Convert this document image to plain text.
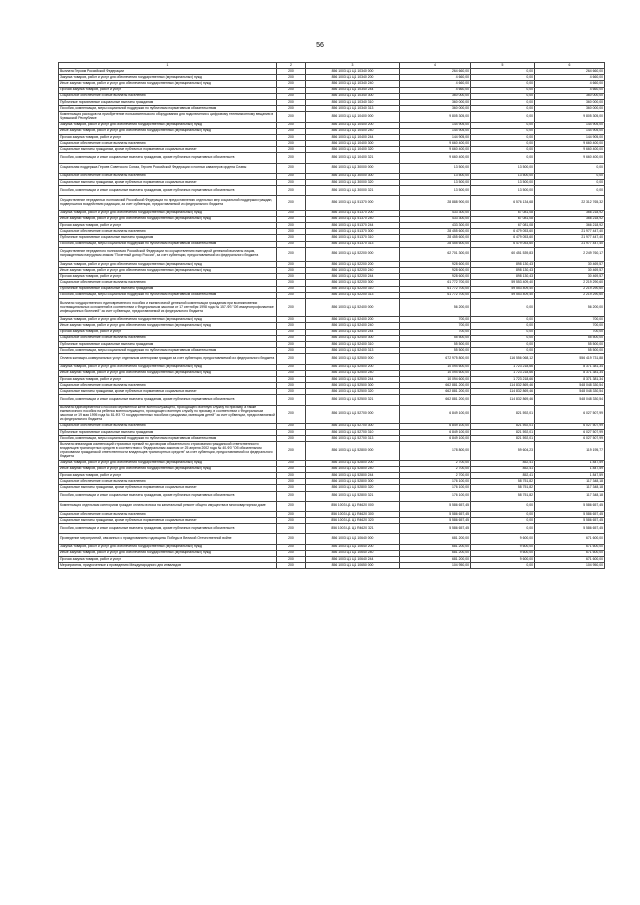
56
1	2	3	4	5	6
Выплата Героям Российской Федерации	200	856 1003 Ц1 Ц1 10340 000	264 660,00	0,00	264 660,00
Закупка товаров, работ и услуг для обеспечения государственных (муниципальных) нужд	200	856 1003 Ц1 Ц1 10340 200	4 660,00	0,00	4 660,00
Иные закупки товаров, работ и услуг для обеспечения государственных (муниципальных) нужд	200	856 1003 Ц1 Ц1 10340 240	4 660,00	0,00	4 660,00
Прочая закупка товаров, работ и услуг	200	856 1003 Ц1 Ц1 10340 244	4 660,00	0,00	4 660,00
Социальное обеспечение и иные выплаты населению	200	856 1003 Ц1 Ц1 10340 300	360 000,00	0,00	360 000,00
Публичные нормативные социальные выплаты гражданам	200	856 1003 Ц1 Ц1 10340 310	360 000,00	0,00	360 000,00
Пособия, компенсации, меры социальной поддержки по публичным нормативным обязательствам	200	856 1003 Ц1 Ц1 10340 313	360 000,00	0,00	360 000,00
Компенсация расходов на приобретение пользовательского оборудования для подключения к цифровому телевизионному вещанию в Чувашской Республике	200	856 1003 Ц1 Ц1 10400 000	9 805 305,00	0,00	9 805 305,00
Закупка товаров, работ и услуг для обеспечения государственных (муниципальных) нужд	200	856 1003 Ц1 Ц1 10400 200	144 905,00	0,00	144 905,00
Иные закупки товаров, работ и услуг для обеспечения государственных (муниципальных) нужд	200	856 1003 Ц1 Ц1 10400 240	144 905,00	0,00	144 905,00
Прочая закупка товаров, работ и услуг	200	856 1003 Ц1 Ц1 10400 244	144 905,00	0,00	144 905,00
Социальное обеспечение и иные выплаты населению	200	856 1003 Ц1 Ц1 10400 300	9 660 400,00	0,00	9 660 400,00
Социальные выплаты гражданам, кроме публичных нормативных социальных выплат	200	856 1003 Ц1 Ц1 10400 320	9 660 400,00	0,00	9 660 400,00
Пособия, компенсации и иные социальные выплаты гражданам, кроме публичных нормативных обязательств	200	856 1003 Ц1 Ц1 10400 321	9 660 400,00	0,00	9 660 400,00
Социальная поддержка Героев Советского Союза, Героев Российской Федерации и полных кавалеров ордена Славы	200	856 1003 Ц1 Ц1 30000 000	13 500,00	13 500,00	0,00
Социальное обеспечение и иные выплаты населению	200	856 1003 Ц1 Ц1 30000 300	13 500,00	13 500,00	0,00
Социальные выплаты гражданам, кроме публичных нормативных социальных выплат	200	856 1003 Ц1 Ц1 30000 320	13 500,00	13 500,00	0,00
Пособия, компенсации и иные социальные выплаты гражданам, кроме публичных нормативных обязательств	200	856 1003 Ц1 Ц1 30000 321	13 500,00	13 500,00	0,00
Осуществление переданных полномочий Российской Федерации по предоставлению отдельных мер социальной поддержки граждан, подвергшихся воздействию радиации, за счет субвенции, предоставляемой из федерального бюджета	200	856 1003 Ц1 Ц1 51370 000	28 888 900,00	6 576 134,68	22 312 765,32
Закупка товаров, работ и услуг для обеспечения государственных (муниципальных) нужд	200	856 1003 Ц1 Ц1 51370 200	433 300,00	67 081,08	366 218,92
Иные закупки товаров, работ и услуг для обеспечения государственных (муниципальных) нужд	200	856 1003 Ц1 Ц1 51370 240	433 300,00	67 081,08	366 218,92
Прочая закупка товаров, работ и услуг	200	856 1003 Ц1 Ц1 51370 244	433 300,00	67 081,08	366 218,92
Социальное обеспечение и иные выплаты населению	200	856 1003 Ц1 Ц1 51370 300	28 455 600,00	6 479 053,60	21 977 447,40
Публичные нормативные социальные выплаты гражданам	200	856 1003 Ц1 Ц1 51370 310	28 455 600,00	6 479 053,60	21 977 447,40
Пособия, компенсации, меры социальной поддержки по публичным нормативным обязательствам	200	856 1003 Ц1 Ц1 51370 313	28 455 600,00	6 479 053,60	21 977 447,40
Осуществление переданного полномочия Российской Федерации по осуществлению ежегодной денежной выплаты лицам, награжденным нагрудным знаком "Почетный донор России", за счет субвенции, предоставляемой из федерального бюджета	200	856 1003 Ц1 Ц1 52200 000	62 701 300,00	60 451 539,83	2 249 760,17
Закупка товаров, работ и услуг для обеспечения государственных (муниципальных) нужд	200	856 1003 Ц1 Ц1 52200 200	928 600,00	898 130,43	30 469,57
Иные закупки товаров, работ и услуг для обеспечения государственных (муниципальных) нужд	200	856 1003 Ц1 Ц1 52200 240	928 600,00	898 130,43	30 469,57
Прочая закупка товаров, работ и услуг	200	856 1003 Ц1 Ц1 52200 244	928 600,00	898 130,43	30 469,57
Социальное обеспечение и иные выплаты населению	200	856 1003 Ц1 Ц1 52200 300	61 772 700,00	59 553 409,40	2 219 290,60
Публичные нормативные социальные выплаты гражданам	200	856 1003 Ц1 Ц1 52200 310	61 772 700,00	59 553 409,40	2 219 290,60
Пособия, компенсации, меры социальной поддержки по публичным нормативным обязательствам	200	856 1003 Ц1 Ц1 52200 313	61 772 700,00	59 553 409,40	2 219 290,60
Выплата государственного единовременного пособия и ежемесячной денежной компенсации гражданам при возникновении поствакцинальных осложнений в соответствии с Федеральным законом от 17 сентября 1998 года № 157-ФЗ "Об иммунопрофилактике инфекционных болезней" за счет субвенции, предоставляемой из федерального бюджета	200	856 1003 Ц1 Ц1 52400 000	56 200,00	0,00	56 200,00
Закупка товаров, работ и услуг для обеспечения государственных (муниципальных) нужд	200	856 1003 Ц1 Ц1 52400 200	700,00	0,00	700,00
Иные закупки товаров, работ и услуг для обеспечения государственных (муниципальных) нужд	200	856 1003 Ц1 Ц1 52400 240	700,00	0,00	700,00
Прочая закупка товаров, работ и услуг	200	856 1003 Ц1 Ц1 52400 244	700,00	0,00	700,00
Социальное обеспечение и иные выплаты населению	200	856 1003 Ц1 Ц1 52400 300	55 500,00	0,00	55 500,00
Публичные нормативные социальные выплаты гражданам	200	856 1003 Ц1 Ц1 52400 310	55 500,00	0,00	55 500,00
Пособия, компенсации, меры социальной поддержки по публичным нормативным обязательствам	200	856 1003 Ц1 Ц1 52400 313	55 500,00	0,00	55 500,00
Оплата жилищно-коммунальных услуг отдельным категориям граждан за счет субвенции, предоставляемой из федерального бюджета	200	856 1003 Ц1 Ц1 52500 000	672 975 800,00	116 556 068,12	556 419 731,88
Закупка товаров, работ и услуг для обеспечения государственных (муниципальных) нужд	200	856 1003 Ц1 Ц1 52500 200	10 094 600,00	1 723 218,66	8 371 381,34
Иные закупки товаров, работ и услуг для обеспечения государственных (муниципальных) нужд	200	856 1003 Ц1 Ц1 52500 240	10 094 600,00	1 723 218,66	8 371 381,34
Прочая закупка товаров, работ и услуг	200	856 1003 Ц1 Ц1 52500 244	10 094 600,00	1 723 218,66	8 371 381,34
Социальное обеспечение и иные выплаты населению	200	856 1003 Ц1 Ц1 52500 300	662 881 200,00	114 832 869,46	548 048 330,54
Социальные выплаты гражданам, кроме публичных нормативных социальных выплат	200	856 1003 Ц1 Ц1 52500 320	662 881 200,00	114 832 869,46	548 048 330,54
Пособия, компенсации и иные социальные выплаты гражданам, кроме публичных нормативных обязательств	200	856 1003 Ц1 Ц1 52500 321	662 881 200,00	114 832 869,46	548 048 330,54
Выплата единовременного пособия беременной жене военнослужащего, проходящего военную службу по призыву, а также ежемесячного пособия на ребенка военнослужащего, проходящего военную службу по призыву, в соответствии с Федеральным законом от 19 мая 1995 года № 81-ФЗ "О государственных пособиях гражданам, имеющим детей" за счет субвенции, предоставляемой из федерального бюджета	200	856 1003 Ц1 Ц1 52700 000	6 849 100,00	821 592,01	6 027 507,99
Социальное обеспечение и иные выплаты населению	200	856 1003 Ц1 Ц1 52700 300	6 849 100,00	821 592,01	6 027 507,99
Публичные нормативные социальные выплаты гражданам	200	856 1003 Ц1 Ц1 52700 310	6 849 100,00	821 592,01	6 027 507,99
Пособия, компенсации, меры социальной поддержки по публичным нормативным обязательствам	200	856 1003 Ц1 Ц1 52700 313	6 849 100,00	821 592,01	6 027 507,99
Выплата инвалидам компенсаций страховых премий по договорам обязательного страхования гражданской ответственности владельцев транспортных средств в соответствии с Федеральным законом от 25 апреля 2002 года № 40-ФЗ "Об обязательном страховании гражданской ответственности владельцев транспортных средств" за счет субвенции, предоставляемой из федерального бюджета	200	856 1003 Ц1 Ц1 52800 000	178 800,00	59 604,23	119 195,77
Закупка товаров, работ и услуг для обеспечения государственных (муниципальных) нужд	200	856 1003 Ц1 Ц1 52800 200	2 700,00	852,41	1 847,59
Иные закупки товаров, работ и услуг для обеспечения государственных (муниципальных) нужд	200	856 1003 Ц1 Ц1 52800 240	2 700,00	852,41	1 847,59
Прочая закупка товаров, работ и услуг	200	856 1003 Ц1 Ц1 52800 244	2 700,00	852,41	1 847,59
Социальное обеспечение и иные выплаты населению	200	856 1003 Ц1 Ц1 52800 300	176 100,00	58 751,82	117 348,18
Социальные выплаты гражданам, кроме публичных нормативных социальных выплат	200	856 1003 Ц1 Ц1 52800 320	176 100,00	58 751,82	117 348,18
Пособия, компенсации и иные социальные выплаты гражданам, кроме публичных нормативных обязательств	200	856 1003 Ц1 Ц1 52800 321	176 100,00	58 751,82	117 348,18
Компенсация отдельным категориям граждан оплаты взноса на капитальный ремонт общего имущества в многоквартирном доме	200	856 1003 Ц1 Ц1 R4620 000	5 586 657,45	0,00	5 586 657,45
Социальное обеспечение и иные выплаты населению	200	856 1003 Ц1 Ц1 R4620 300	5 586 657,45	0,00	5 586 657,45
Социальные выплаты гражданам, кроме публичных нормативных социальных выплат	200	856 1003 Ц1 Ц1 R4620 320	5 586 657,45	0,00	5 586 657,45
Пособия, компенсации и иные социальные выплаты гражданам, кроме публичных нормативных обязательств	200	856 1003 Ц1 Ц1 R4620 321	5 586 657,45	0,00	5 586 657,45
Проведение мероприятий, связанных с празднованием годовщины Победы в Великой Отечественной войне	200	856 1003 Ц1 Ц1 10640 000	681 200,00	9 600,00	671 600,00
Закупка товаров, работ и услуг для обеспечения государственных (муниципальных) нужд	200	856 1003 Ц1 Ц1 10640 200	681 200,00	9 600,00	671 600,00
Иные закупки товаров, работ и услуг для обеспечения государственных (муниципальных) нужд	200	856 1003 Ц1 Ц1 10640 240	681 200,00	9 600,00	671 600,00
Прочая закупка товаров, работ и услуг	200	856 1003 Ц1 Ц1 10640 244	681 200,00	9 600,00	671 600,00
Мероприятия, приуроченные к проведению Международного дня инвалидов	200	856 1003 Ц1 Ц1 10650 000	104 950,00	0,00	104 950,00
